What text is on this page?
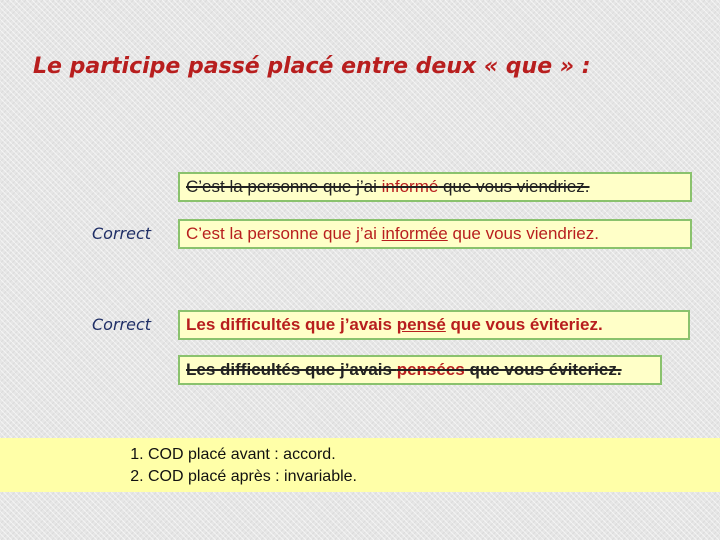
Le participe passé placé entre deux « que » :
C’est la personne que j’ai informé que vous viendriez.
Correct	C’est la personne que j’ai informée que vous viendriez.
Correct	Les difficultés que j’avais pensé que vous éviteriez.
Les difficultés que j’avais pensées que vous éviteriez.
1. COD placé avant : accord.
2. COD placé après : invariable.
